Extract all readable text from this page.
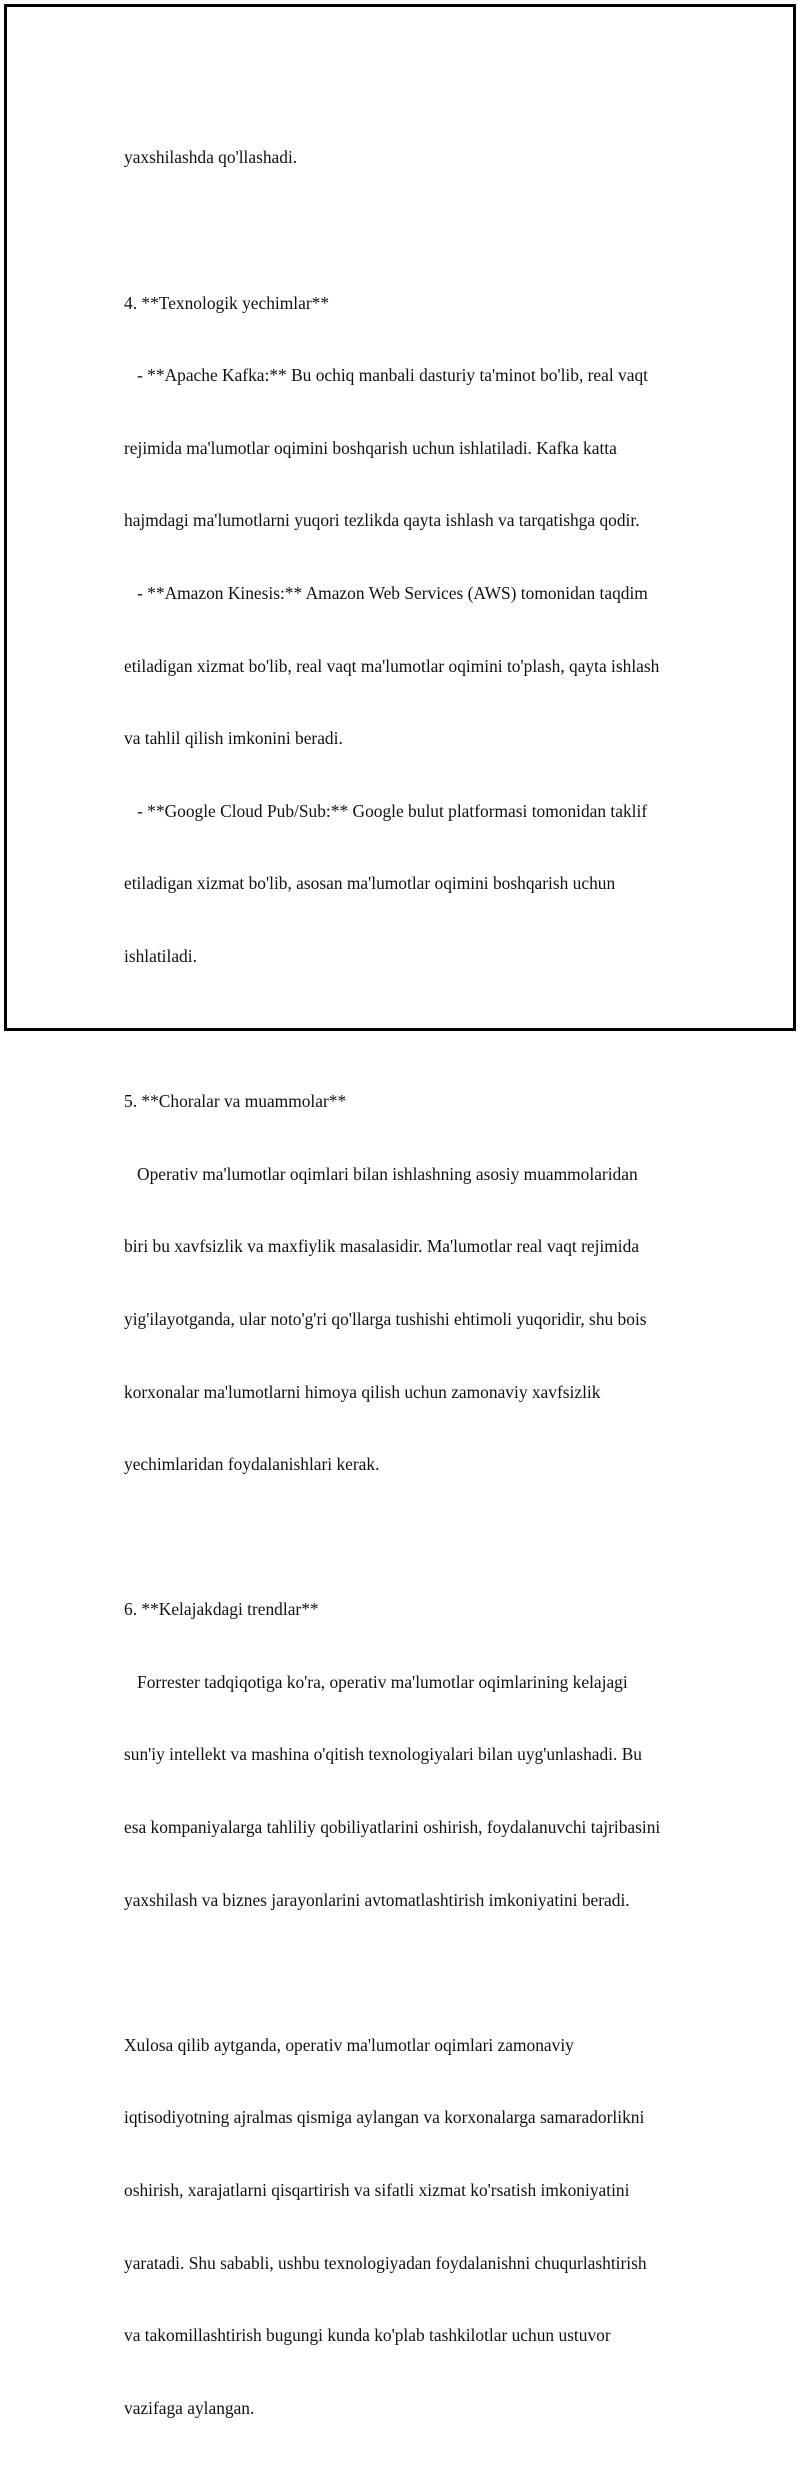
yaxshilashda qo'llashadi.

4. **Texnologik yechimlar**

- **Apache Kafka:** Bu ochiq manbali dasturiy ta'minot bo'lib, real vaqt

rejimida ma'lumotlar oqimini boshqarish uchun ishlatiladi. Kafka katta

hajmdagi ma'lumotlarni yuqori tezlikda qayta ishlash va tarqatishga qodir.

- **Amazon Kinesis:** Amazon Web Services (AWS) tomonidan taqdim

etiladigan xizmat bo'lib, real vaqt ma'lumotlar oqimini to'plash, qayta ishlash

va tahlil qilish imkonini beradi.

- **Google Cloud Pub/Sub:** Google bulut platformasi tomonidan taklif

etiladigan xizmat bo'lib, asosan ma'lumotlar oqimini boshqarish uchun

ishlatiladi.

5. **Choralar va muammolar**

Operativ ma'lumotlar oqimlari bilan ishlashning asosiy muammolaridan

biri bu xavfsizlik va maxfiylik masalasidir. Ma'lumotlar real vaqt rejimida

yig'ilayotganda, ular noto'g'ri qo'llarga tushishi ehtimoli yuqoridir, shu bois

korxonalar ma'lumotlarni himoya qilish uchun zamonaviy xavfsizlik

yechimlaridan foydalanishlari kerak.

6. **Kelajakdagi trendlar**

Forrester tadqiqotiga ko'ra, operativ ma'lumotlar oqimlarining kelajagi

sun'iy intellekt va mashina o'qitish texnologiyalari bilan uyg'unlashadi. Bu

esa kompaniyalarga tahliliy qobiliyatlarini oshirish, foydalanuvchi tajribasini

yaxshilash va biznes jarayonlarini avtomatlashtirish imkoniyatini beradi.

Xulosa qilib aytganda, operativ ma'lumotlar oqimlari zamonaviy

iqtisodiyotning ajralmas qismiga aylangan va korxonalarga samaradorlikni

oshirish, xarajatlarni qisqartirish va sifatli xizmat ko'rsatish imkoniyatini

yaratadi. Shu sababli, ushbu texnologiyadan foydalanishni chuqurlashtirish

va takomillashtirish bugungi kunda ko'plab tashkilotlar uchun ustuvor

vazifaga aylangan.
